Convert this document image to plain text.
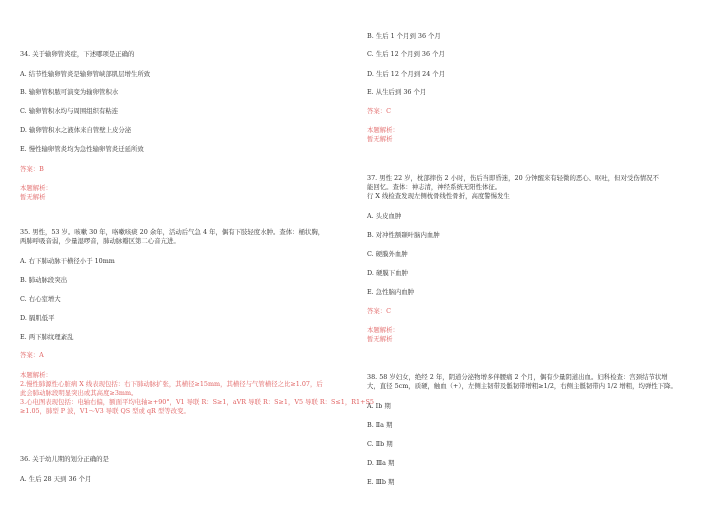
34. 关于输卵管炎症，下述哪项是正确的
A. 结节性输卵管炎是输卵管峡部肌层增生所致
B. 输卵管积脓可演变为输卵管积水
C. 输卵管积水均与周围组织有粘连
D. 输卵管积水之液体来自管壁上皮分泌
E. 慢性输卵管炎均为急性输卵管炎迁延所致
答案：B
本题解析：
暂无解析
35. 男性，53 岁。咳嗽 30 年，咯嗽咳痰 20 余年，活动后气急 4 年，偶有下肢轻度水肿。查体：桶状胸，
两肺呼吸音弱，少量湿啰音，肺动脉瓣区第二心音亢进。
A. 右下肺动脉干横径小于 10mm
B. 肺动脉段突出
C. 右心室增大
D. 膈肌低平
E. 两下肺纹理紊乱
答案：A
本题解析：
2.慢性肺源性心脏病 X 线表现包括：右下肺动脉扩张，其横径≥15mm，其横径与气管横径之比≥1.07，后
此会肺动脉段明显突出或其高度≥3mm。
3.心电图表现包括：电轴右偏，额面平均电轴≥+90°，V1 导联 R：S≥1，aVR 导联 R：S≥1，V5 导联 R：S≤1，R1+S5
≥1.05，肺型 P 波，V1～V3 导联 QS 型或 qR 型等改变。
36. 关于幼儿期的划分正确的是
A. 生后 28 天到 36 个月
B. 生后 1 个月到 36 个月
C. 生后 12 个月到 36 个月
D. 生后 12 个月到 24 个月
E. 从生后到 36 个月
答案：C
本题解析：
暂无解析
37. 男性 22 岁，枕部摔伤 2 小时，伤后当即昏迷，20 分钟醒来有轻微的恶心、呕吐，但对受伤情况不
能回忆。查体：神志清，神经系统无阳性体征。
行 X 线检查发现左侧枕骨线性骨折，高度警惕发生
A. 头皮血肿
B. 对冲性额颞叶脑内血肿
C. 硬膜外血肿
D. 硬膜下血肿
E. 急性脑内血肿
答案：C
本题解析：
暂无解析
38. 58 岁妇女，绝经 2 年，阴道分泌物增多伴腰痛 2 个月，偶有少量阴道出血。妇科检查：宫颈结节状增
大，直径 5cm，质硬，触血（+），左侧主韧带及骶韧带增粗≥1/2，右侧主骶韧带内 1/2 增粗，均弹性下降。
A. Ⅰb 期
B. Ⅱa 期
C. Ⅱb 期
D. Ⅲa 期
E. Ⅲb 期
